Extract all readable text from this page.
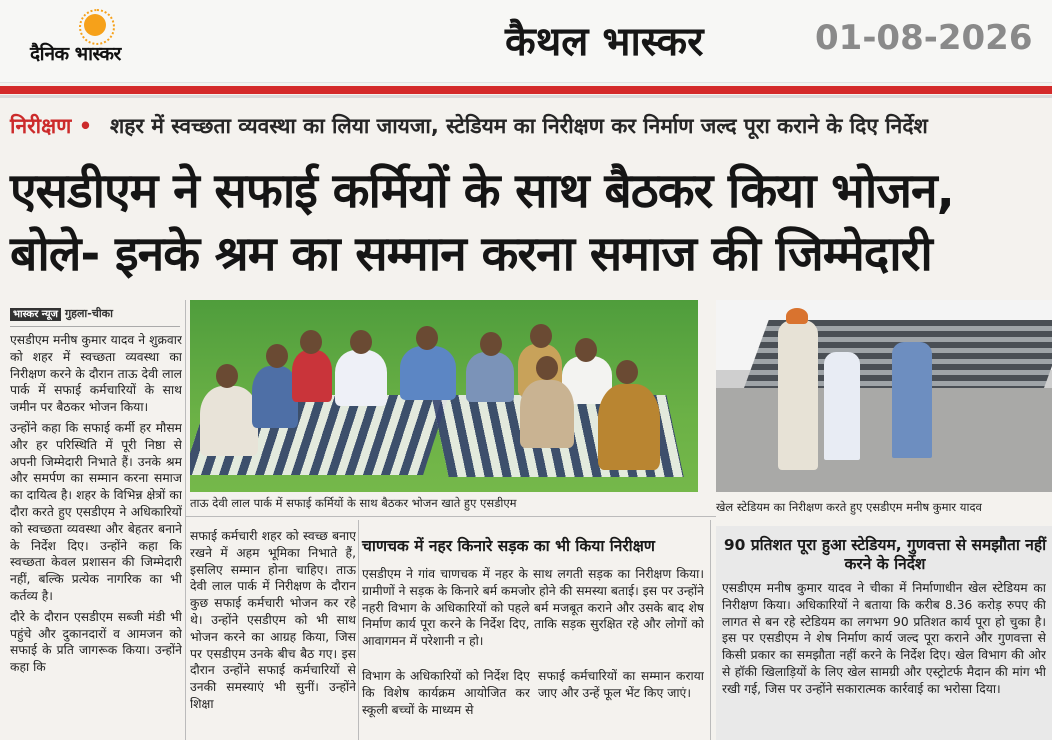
दैनिक भास्कर	कैथल भास्कर	01-08-2026
निरीक्षण • शहर में स्वच्छता व्यवस्था का लिया जायजा, स्टेडियम का निरीक्षण कर निर्माण जल्द पूरा कराने के दिए निर्देश
एसडीएम ने सफाई कर्मियों के साथ बैठकर किया भोजन,
बोले- इनके श्रम का सम्मान करना समाज की जिम्मेदारी
भास्कर न्यूज गुहला-चीका

एसडीएम मनीष कुमार यादव ने शुक्रवार को शहर में स्वच्छता व्यवस्था का निरीक्षण करने के दौरान ताऊ देवी लाल पार्क में सफाई कर्मचारियों के साथ जमीन पर बैठकर भोजन किया।

उन्होंने कहा कि सफाई कर्मी हर मौसम और हर परिस्थिति में पूरी निष्ठा से अपनी जिम्मेदारी निभाते हैं। उनके श्रम और समर्पण का सम्मान करना समाज का दायित्व है। शहर के विभिन्न क्षेत्रों का दौरा करते हुए एसडीएम ने अधिकारियों को स्वच्छता व्यवस्था और बेहतर बनाने के निर्देश दिए। उन्होंने कहा कि स्वच्छता केवल प्रशासन की जिम्मेदारी नहीं, बल्कि प्रत्येक नागरिक का भी कर्तव्य है।

दौरे के दौरान एसडीएम सब्जी मंडी भी पहुंचे और दुकानदारों व आमजन को सफाई के प्रति जागरूक किया। उन्होंने कहा कि

ताऊ देवी लाल पार्क में सफाई कर्मियों के साथ बैठकर भोजन खाते हुए एसडीएम	खेल स्टेडियम का निरीक्षण करते हुए एसडीएम मनीष कुमार यादव
सफाई कर्मचारी शहर को स्वच्छ बनाए रखने में अहम भूमिका निभाते हैं, इसलिए सम्मान होना चाहिए। ताऊ देवी लाल पार्क में निरीक्षण के दौरान कुछ सफाई कर्मचारी भोजन कर रहे थे। उन्होंने एसडीएम को भी साथ भोजन करने का आग्रह किया, जिस पर एसडीएम उनके बीच बैठ गए। इस दौरान उन्होंने सफाई कर्मचारियों से उनकी समस्याएं भी सुनीं। उन्होंने शिक्षा
चाणचक में नहर किनारे सड़क का भी किया निरीक्षण
एसडीएम ने गांव चाणचक में नहर के साथ लगती सड़क का निरीक्षण किया। ग्रामीणों ने सड़क के किनारे बर्म कमजोर होने की समस्या बताई। इस पर उन्होंने नहरी विभाग के अधिकारियों को पहले बर्म मजबूत कराने और उसके बाद शेष निर्माण कार्य पूरा करने के निर्देश दिए, ताकि सड़क सुरक्षित रहे और लोगों को आवागमन में परेशानी न हो।
विभाग के अधिकारियों को निर्देश दिए कि विशेष कार्यक्रम आयोजित कर स्कूली बच्चों के माध्यम से
सफाई कर्मचारियों का सम्मान कराया जाए और उन्हें फूल भेंट किए जाएं।
90 प्रतिशत पूरा हुआ स्टेडियम, गुणवत्ता से समझौता नहीं करने के निर्देश
एसडीएम मनीष कुमार यादव ने चीका में निर्माणाधीन खेल स्टेडियम का निरीक्षण किया। अधिकारियों ने बताया कि करीब 8.36 करोड़ रुपए की लागत से बन रहे स्टेडियम का लगभग 90 प्रतिशत कार्य पूरा हो चुका है। इस पर एसडीएम ने शेष निर्माण कार्य जल्द पूरा कराने और गुणवत्ता से किसी प्रकार का समझौता नहीं करने के निर्देश दिए। खेल विभाग की ओर से हॉकी खिलाड़ियों के लिए खेल सामग्री और एस्ट्रोटर्फ मैदान की मांग भी रखी गई, जिस पर उन्होंने सकारात्मक कार्रवाई का भरोसा दिया।
